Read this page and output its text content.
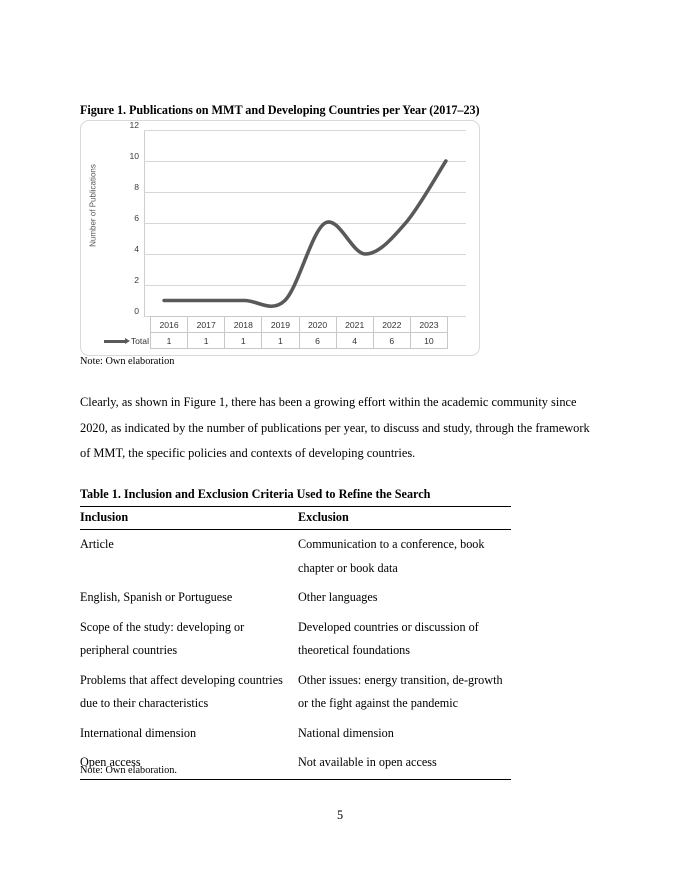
Figure 1. Publications on MMT and Developing Countries per Year (2017–23)
Number of Publications
12
10
8
6
4
2
0
	2016	2017	2018	2019	2020	2021	2022	2023

Total	1	1	1	1	6	4	6	10
Note: Own elaboration
Clearly, as shown in Figure 1, there has been a growing effort within the academic community since 2020, as indicated by the number of publications per year, to discuss and study, through the framework of MMT, the specific policies and contexts of developing countries.
Table 1. Inclusion and Exclusion Criteria Used to Refine the Search
Inclusion	Exclusion
Article	Communication to a conference, book chapter or book data
English, Spanish or Portuguese	Other languages
Scope of the study: developing or peripheral countries	Developed countries or discussion of theoretical foundations
Problems that affect developing countries due to their characteristics	Other issues: energy transition, de-growth or the fight against the pandemic
International dimension	National dimension
Open access	Not available in open access
Note: Own elaboration.
5
